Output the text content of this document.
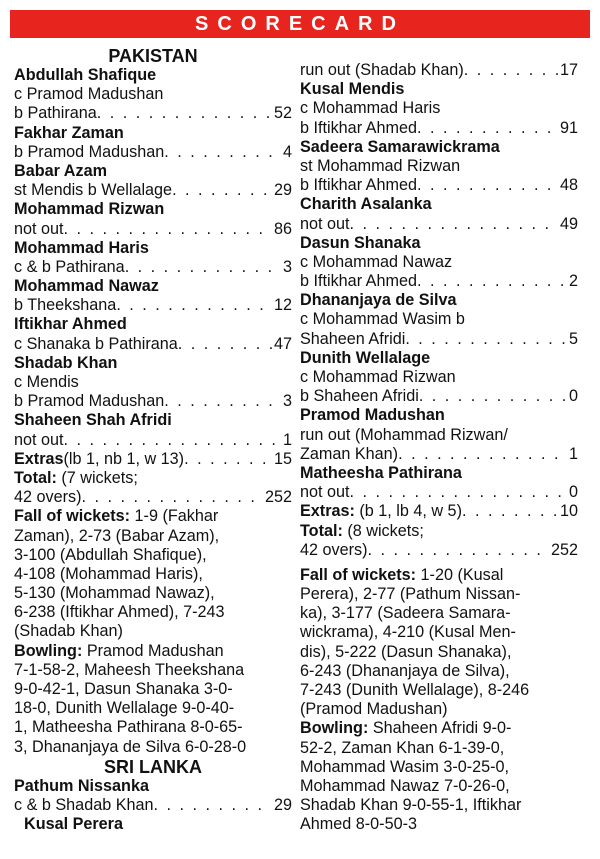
SCORECARD
PAKISTAN
Abdullah Shafique
c Pramod Madushan
b Pathirana . . .	52
Fakhar Zaman
b Pramod Madushan . . .	4
Babar Azam
st Mendis b Wellalage . . .	29
Mohammad Rizwan
not out . . .	86
Mohammad Haris
c & b Pathirana . . .	3
Mohammad Nawaz
b Theekshana . . .	12
Iftikhar Ahmed
c Shanaka b Pathirana . . .	47
Shadab Khan
c Mendis
b Pramod Madushan . . .	3
Shaheen Shah Afridi
not out . . .	1
Extras(lb 1, nb 1, w 13) . . .	15
Total: (7 wickets;
42 overs) . . .	252
Fall of wickets: 1-9 (Fakhar
Zaman), 2-73 (Babar Azam),
3-100 (Abdullah Shafique),
4-108 (Mohammad Haris),
5-130 (Mohammad Nawaz),
6-238 (Iftikhar Ahmed), 7-243
(Shadab Khan)
Bowling: Pramod Madushan
7-1-58-2, Maheesh Theekshana
9-0-42-1, Dasun Shanaka 3-0-
18-0, Dunith Wellalage 9-0-40-
1, Matheesha Pathirana 8-0-65-
3, Dhananjaya de Silva 6-0-28-0
SRI LANKA
Pathum Nissanka
c & b Shadab Khan . . .	29
Kusal Perera
run out (Shadab Khan) . . .	17
Kusal Mendis
c Mohammad Haris
b Iftikhar Ahmed . . .	91
Sadeera Samarawickrama
st Mohammad Rizwan
b Iftikhar Ahmed . . .	48
Charith Asalanka
not out . . .	49
Dasun Shanaka
c Mohammad Nawaz
b Iftikhar Ahmed . . .	2
Dhananjaya de Silva
c Mohammad Wasim b
Shaheen Afridi . . .	5
Dunith Wellalage
c Mohammad Rizwan
b Shaheen Afridi . . .	0
Pramod Madushan
run out (Mohammad Rizwan/
Zaman Khan) . . .	1
Matheesha Pathirana
not out . . .	0
Extras: (b 1, lb 4, w 5) . . .	10
Total: (8 wickets;
42 overs) . . .	252
Fall of wickets: 1-20 (Kusal
Perera), 2-77 (Pathum Nissan-
ka), 3-177 (Sadeera Samara-
wickrama), 4-210 (Kusal Men-
dis), 5-222 (Dasun Shanaka),
6-243 (Dhananjaya de Silva),
7-243 (Dunith Wellalage), 8-246
(Pramod Madushan)
Bowling: Shaheen Afridi 9-0-
52-2, Zaman Khan 6-1-39-0,
Mohammad Wasim 3-0-25-0,
Mohammad Nawaz 7-0-26-0,
Shadab Khan 9-0-55-1, Iftikhar
Ahmed 8-0-50-3
